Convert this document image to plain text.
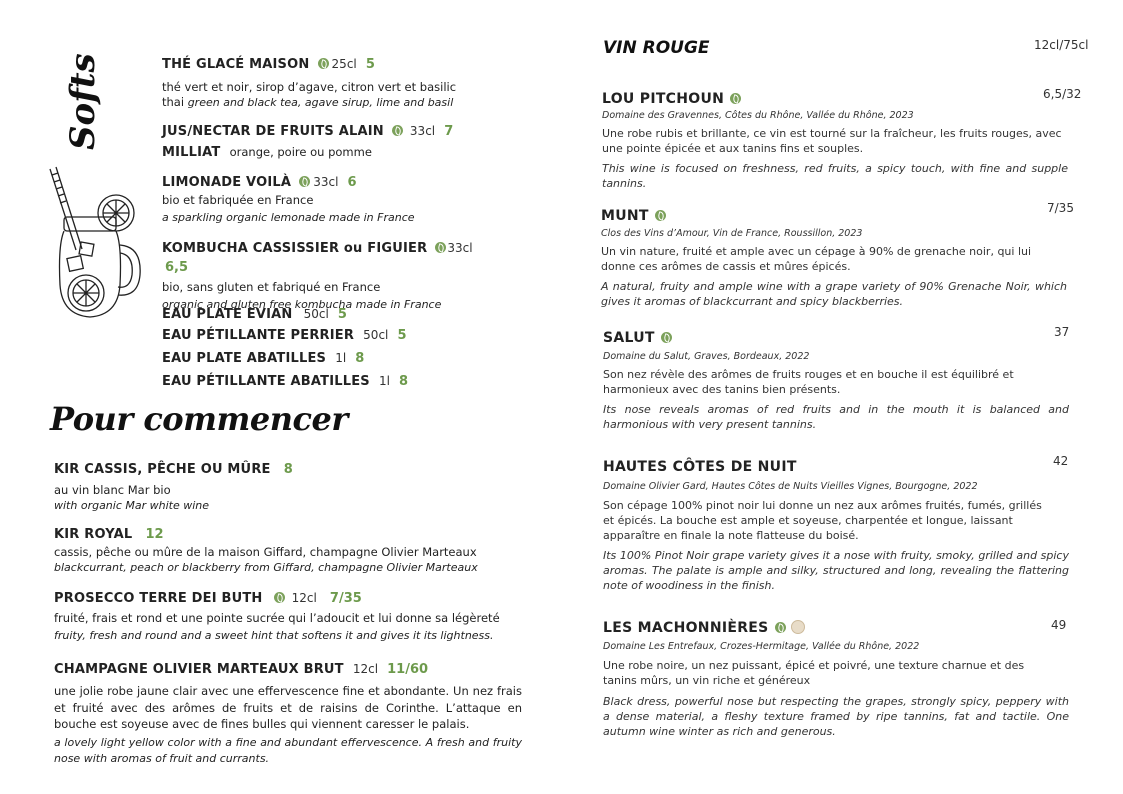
Softs	THÉ GLACÉ MAISON 25cl 5
thé vert et noir, sirop d’agave, citron vert et basilic
thai green and black tea, agave sirup, lime and basil
JUS/NECTAR DE FRUITS ALAIN 33cl 7
MILLIAT orange, poire ou pomme
LIMONADE VOILÀ 33cl 6
bio et fabriquée en France
a sparkling organic lemonade made in France
KOMBUCHA CASSISSIER ou FIGUIER 33cl 6,5
bio, sans gluten et fabriqué en France
organic and gluten free kombucha made in France
EAU PLATE EVIAN 50cl 5
EAU PÉTILLANTE PERRIER 50cl 5
EAU PLATE ABATILLES 1l 8
EAU PÉTILLANTE ABATILLES 1l 8
Pour commencer
KIR CASSIS, PÊCHE OU MÛRE 8
au vin blanc Mar bio
with organic Mar white wine
KIR ROYAL 12
cassis, pêche ou mûre de la maison Giffard, champagne Olivier Marteaux
blackcurrant, peach or blackberry from Giffard, champagne Olivier Marteaux
PROSECCO TERRE DEI BUTH 12cl 7/35
fruité, frais et rond et une pointe sucrée qui l’adoucit et lui donne sa légèreté
fruity, fresh and round and a sweet hint that softens it and gives it its lightness.
CHAMPAGNE OLIVIER MARTEAUX BRUT 12cl 11/60
une jolie robe jaune clair avec une effervescence fine et abondante. Un nez frais et fruité avec des arômes de fruits et de raisins de Corinthe. L’attaque en bouche est soyeuse avec de fines bulles qui viennent caresser le palais.
a lovely light yellow color with a fine and abundant effervescence. A fresh and fruity nose with aromas of fruit and currants.
VIN ROUGE	12cl/75cl
LOU PITCHOUN
Domaine des Gravennes, Côtes du Rhône, Vallée du Rhône, 2023
Une robe rubis et brillante, ce vin est tourné sur la fraîcheur, les fruits rouges, avec une pointe épicée et aux tanins fins et souples.
This wine is focused on freshness, red fruits, a spicy touch, with fine and supple tannins.
6,5/32
MUNT
Clos des Vins d’Amour, Vin de France, Roussillon, 2023
Un vin nature, fruité et ample avec un cépage à 90% de grenache noir, qui lui donne ces arômes de cassis et mûres épicés.
A natural, fruity and ample wine with a grape variety of 90% Grenache Noir, which gives it aromas of blackcurrant and spicy blackberries.
7/35
SALUT
Domaine du Salut, Graves, Bordeaux, 2022
Son nez révèle des arômes de fruits rouges et en bouche il est équilibré et harmonieux avec des tanins bien présents.
Its nose reveals aromas of red fruits and in the mouth it is balanced and harmonious with very present tannins.
37
HAUTES CÔTES DE NUIT
Domaine Olivier Gard, Hautes Côtes de Nuits Vieilles Vignes, Bourgogne, 2022
Son cépage 100% pinot noir lui donne un nez aux arômes fruités, fumés, grillés et épicés. La bouche est ample et soyeuse, charpentée et longue, laissant apparaître en finale la note flatteuse du boisé.
Its 100% Pinot Noir grape variety gives it a nose with fruity, smoky, grilled and spicy aromas. The palate is ample and silky, structured and long, revealing the flattering note of woodiness in the finish.
42
LES MACHONNIÈRES
Domaine Les Entrefaux, Crozes-Hermitage, Vallée du Rhône, 2022
Une robe noire, un nez puissant, épicé et poivré, une texture charnue et des tanins mûrs, un vin riche et généreux
Black dress, powerful nose but respecting the grapes, strongly spicy, peppery with a dense material, a fleshy texture framed by ripe tannins, fat and tactile. One autumn wine winter as rich and generous.
49
